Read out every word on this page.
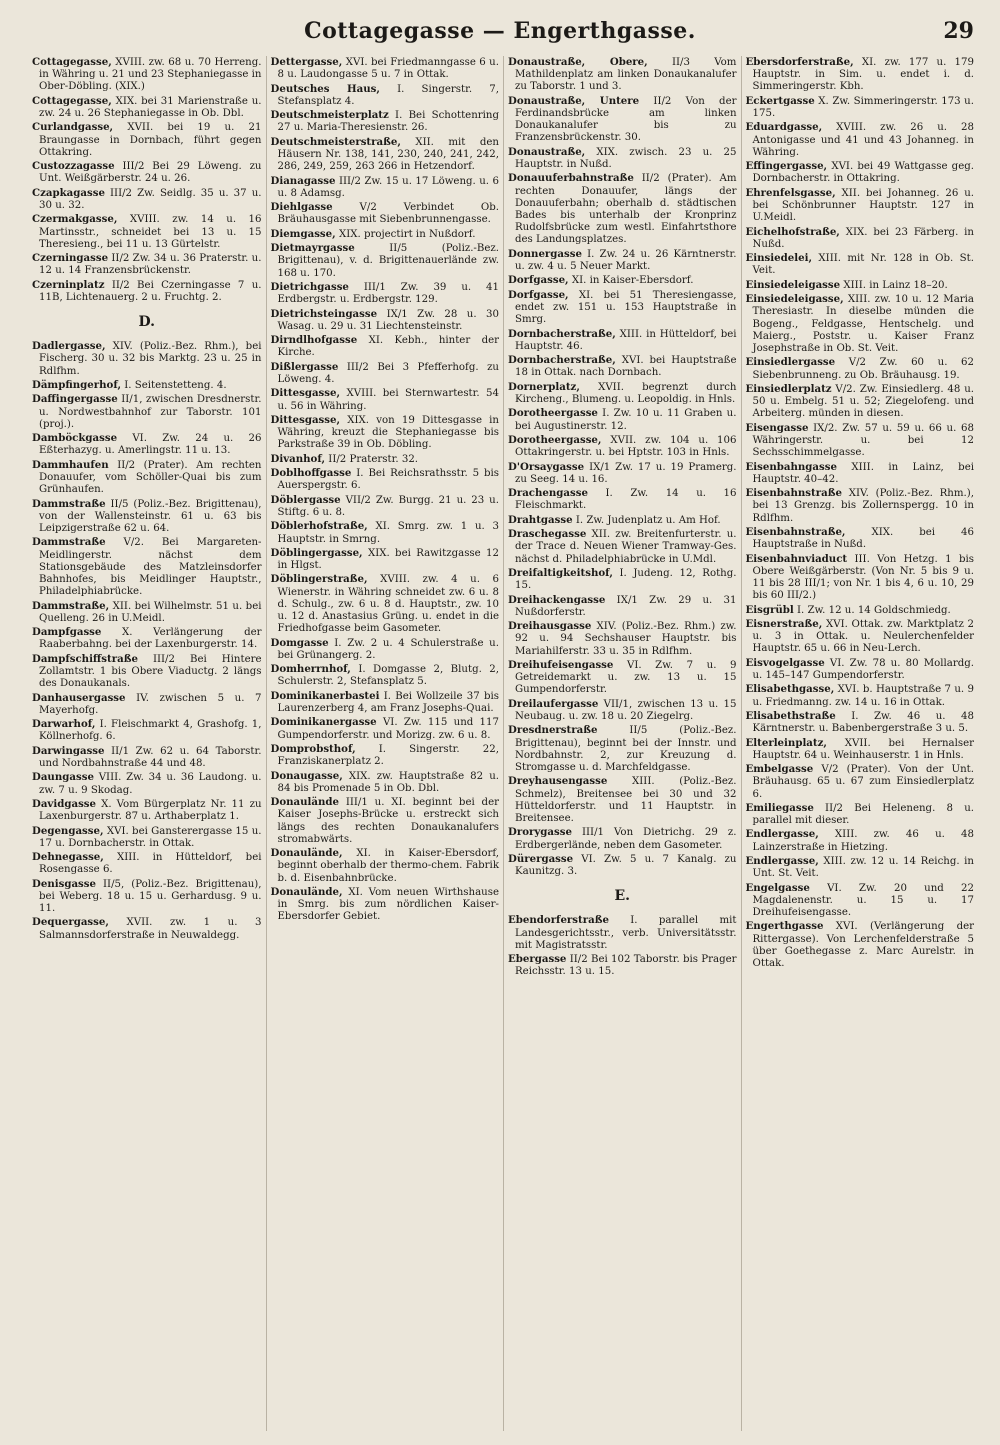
Cottagegasse — Engerthgasse.	29
Cottagegasse, XVIII. zw. 68 u. 70 Herreng. in Währing u. 21 und 23 Stephaniegasse in Ober-Döbling. (XIX.)
Cottagegasse, XIX. bei 31 Marienstraße u. zw. 24 u. 26 Stephaniegasse in Ob. Dbl.
Curlandgasse, XVII. bei 19 u. 21 Braungasse in Dornbach, führt gegen Ottakring.
Custozzagasse III/2 Bei 29 Löweng. zu Unt. Weißgärberstr. 24 u. 26.
Czapkagasse III/2 Zw. Seidlg. 35 u. 37 u. 30 u. 32.
Czermakgasse, XVIII. zw. 14 u. 16 Martinsstr., schneidet bei 13 u. 15 Theresieng., bei 11 u. 13 Gürtelstr.
Czerningasse II/2 Zw. 34 u. 36 Praterstr. u. 12 u. 14 Franzensbrückenstr.
Czerninplatz II/2 Bei Czerningasse 7 u. 11B, Lichtenauerg. 2 u. Fruchtg. 2.
D.
Dadlergasse, XIV. (Poliz.-Bez. Rhm.), bei Fischerg. 30 u. 32 bis Marktg. 23 u. 25 in Rdlfhm.
Dämpfingerhof, I. Seitenstetteng. 4.
Daffingergasse II/1, zwischen Dresdnerstr. u. Nordwestbahnhof zur Taborstr. 101 (proj.).
Damböckgasse VI. Zw. 24 u. 26 Eßterhazyg. u. Amerlingstr. 11 u. 13.
Dammhaufen II/2 (Prater). Am rechten Donauufer, vom Schöller-Quai bis zum Grünhaufen.
Dammstraße II/5 (Poliz.-Bez. Brigittenau), von der Wallensteinstr. 61 u. 63 bis Leipzigerstraße 62 u. 64.
Dammstraße V/2. Bei Margareten-Meidlingerstr. nächst dem Stationsgebäude des Matzleinsdorfer Bahnhofes, bis Meidlinger Hauptstr., Philadelphiabrücke.
Dammstraße, XII. bei Wilhelmstr. 51 u. bei Quelleng. 26 in U.Meidl.
Dampfgasse X. Verlängerung der Raaberbahng. bei der Laxenburgerstr. 14.
Dampfschiffstraße III/2 Bei Hintere Zollamtstr. 1 bis Obere Viaductg. 2 längs des Donaukanals.
Danhausergasse IV. zwischen 5 u. 7 Mayerhofg.
Darwarhof, I. Fleischmarkt 4, Grashofg. 1, Köllnerhofg. 6.
Darwingasse II/1 Zw. 62 u. 64 Taborstr. und Nordbahnstraße 44 und 48.
Daungasse VIII. Zw. 34 u. 36 Laudong. u. zw. 7 u. 9 Skodag.
Davidgasse X. Vom Bürgerplatz Nr. 11 zu Laxenburgerstr. 87 u. Arthaberplatz 1.
Degengasse, XVI. bei Gansterergasse 15 u. 17 u. Dornbacherstr. in Ottak.
Dehnegasse, XIII. in Hütteldorf, bei Rosengasse 6.
Denisgasse II/5, (Poliz.-Bez. Brigittenau), bei Weberg. 18 u. 15 u. Gerhardusg. 9 u. 11.
Dequergasse, XVII. zw. 1 u. 3 Salmannsdorferstraße in Neuwaldegg.
Dettergasse, XVI. bei Friedmanngasse 6 u. 8 u. Laudongasse 5 u. 7 in Ottak.
Deutsches Haus, I. Singerstr. 7, Stefansplatz 4.
Deutschmeisterplatz I. Bei Schottenring 27 u. Maria-Theresienstr. 26.
Deutschmeisterstraße, XII. mit den Häusern Nr. 138, 141, 230, 240, 241, 242, 286, 249, 259, 263 266 in Hetzendorf.
Dianagasse III/2 Zw. 15 u. 17 Löweng. u. 6 u. 8 Adamsg.
Diehlgasse	V/2 Verbindet Ob. Bräuhausgasse mit Siebenbrunnengasse.
Diemgasse, XIX. projectirt in Nußdorf.
Dietmayrgasse	II/5 (Poliz.-Bez. Brigittenau), v. d. Brigittenauerlände zw. 168 u. 170.
Dietrichgasse III/1 Zw. 39 u. 41 Erdbergstr. u. Erdbergstr. 129.
Dietrichsteingasse IX/1 Zw. 28 u. 30 Wasag. u. 29 u. 31 Liechtensteinstr.
Dirndlhofgasse XI. Kebh., hinter der Kirche.
Dißlergasse III/2 Bei 3 Pfefferhofg. zu Löweng. 4.
Dittesgasse, XVIII. bei Sternwartestr. 54 u. 56 in Währing.
Dittesgasse, XIX. von 19 Dittesgasse in Währing, kreuzt die Stephaniegasse bis Parkstraße 39 in Ob. Döbling.
Divanhof, II/2 Praterstr. 32.
Doblhoffgasse I. Bei Reichsrathsstr. 5 bis Auerspergstr. 6.
Döblergasse VII/2 Zw. Burgg. 21 u. 23 u. Stiftg. 6 u. 8.
Döblerhofstraße, XI. Smrg. zw. 1 u. 3 Hauptstr. in Smrng.
Döblingergasse, XIX. bei Rawitzgasse 12 in Hlgst.
Döblingerstraße, XVIII. zw. 4 u. 6 Wienerstr. in Währing schneidet zw. 6 u. 8 d. Schulg., zw. 6 u. 8 d. Hauptstr., zw. 10 u. 12 d. Anastasius Grüng. u. endet in die Friedhofgasse beim Gasometer.
Domgasse I. Zw. 2 u. 4 Schulerstraße u. bei Grünangerg. 2.
Domherrnhof, I. Domgasse 2, Blutg. 2, Schulerstr. 2, Stefansplatz 5.
Dominikanerbastei I. Bei Wollzeile 37 bis Laurenzerberg 4, am Franz Josephs-Quai.
Dominikanergasse VI. Zw. 115 und 117 Gumpendorferstr. und Morizg. zw. 6 u. 8.
Domprobsthof, I. Singerstr. 22, Franziskanerplatz 2.
Donaugasse, XIX. zw. Hauptstraße 82 u. 84 bis Promenade 5 in Ob. Dbl.
Donaulände III/1 u. XI. beginnt bei der Kaiser Josephs-Brücke u. erstreckt sich längs des rechten Donaukanalufers stromabwärts.
Donaulände, XI. in Kaiser-Ebersdorf, beginnt oberhalb der thermo-chem. Fabrik b. d. Eisenbahnbrücke.
Donaulände, XI. Vom neuen Wirthshause in Smrg. bis zum nördlichen Kaiser-Ebersdorfer Gebiet.
Donaustraße, Obere, II/3 Vom Mathildenplatz am linken Donaukanalufer zu Taborstr. 1 und 3.
Donaustraße, Untere II/2 Von der Ferdinandsbrücke am linken Donaukanalufer bis zu Franzensbrückenstr. 30.
Donaustraße, XIX. zwisch. 23 u. 25 Hauptstr. in Nußd.
Donauuferbahnstraße II/2 (Prater). Am rechten Donauufer, längs der Donauuferbahn; oberhalb d. städtischen Bades bis unterhalb der Kronprinz Rudolfsbrücke zum westl. Einfahrtsthore des Landungsplatzes.
Donnergasse I. Zw. 24 u. 26 Kärntnerstr. u. zw. 4 u. 5 Neuer Markt.
Dorfgasse, XI. in Kaiser-Ebersdorf.
Dorfgasse, XI. bei 51 Theresiengasse, endet zw. 151 u. 153 Hauptstraße in Smrg.
Dornbacherstraße, XIII. in Hütteldorf, bei Hauptstr. 46.
Dornbacherstraße, XVI. bei Hauptstraße 18 in Ottak. nach Dornbach.
Dornerplatz, XVII. begrenzt durch Kircheng., Blumeng. u. Leopoldig. in Hnls.
Dorotheergasse I. Zw. 10 u. 11 Graben u. bei Augustinerstr. 12.
Dorotheergasse, XVII. zw. 104 u. 106 Ottakringerstr. u. bei Hptstr. 103 in Hnls.
D'Orsaygasse IX/1 Zw. 17 u. 19 Pramerg. zu Seeg. 14 u. 16.
Drachengasse I. Zw. 14 u. 16 Fleischmarkt.
Drahtgasse I. Zw. Judenplatz u. Am Hof.
Draschegasse XII. zw. Breitenfurterstr. u. der Trace d. Neuen Wiener Tramway-Ges. nächst d. Philadelphiabrücke in U.Mdl.
Dreifaltigkeitshof, I. Judeng. 12, Rothg. 15.
Dreihackengasse IX/1 Zw. 29 u. 31 Nußdorferstr.
Dreihausgasse XIV. (Poliz.-Bez. Rhm.) zw. 92 u. 94 Sechshauser Hauptstr. bis Mariahilferstr. 33 u. 35 in Rdlfhm.
Dreihufeisengasse VI. Zw. 7 u. 9 Getreidemarkt u. zw. 13 u. 15 Gumpendorferstr.
Dreilaufergasse VII/1, zwischen 13 u. 15 Neubaug. u. zw. 18 u. 20 Ziegelrg.
Dresdnerstraße	II/5 (Poliz.-Bez. Brigittenau), beginnt bei der Innstr. und Nordbahnstr. 2, zur Kreuzung d. Stromgasse u. d. Marchfeldgasse.
Dreyhausengasse XIII. (Poliz.-Bez. Schmelz), Breitensee bei 30 und 32 Hütteldorferstr. und 11 Hauptstr. in Breitensee.
Drorygasse III/1 Von Dietrichg. 29 z. Erdbergerlände, neben dem Gasometer.
Dürergasse VI. Zw. 5 u. 7 Kanalg. zu Kaunitzg. 3.
E.
Ebendorferstraße I. parallel mit Landesgerichtsstr., verb. Universitätsstr. mit Magistratsstr.
Ebergasse II/2 Bei 102 Taborstr. bis Prager Reichsstr. 13 u. 15.
Ebersdorferstraße, XI. zw. 177 u. 179 Hauptstr. in Sim. u. endet i. d. Simmeringerstr. Kbh.
Eckertgasse X. Zw. Simmeringerstr. 173 u. 175.
Eduardgasse, XVIII. zw. 26 u. 28 Antonigasse und 41 und 43 Johanneg. in Währing.
Effingergasse, XVI. bei 49 Wattgasse geg. Dornbacherstr. in Ottakring.
Ehrenfelsgasse, XII. bei Johanneg. 26 u. bei Schönbrunner Hauptstr. 127 in U.Meidl.
Eichelhofstraße, XIX. bei 23 Färberg. in Nußd.
Einsiedelei, XIII. mit Nr. 128 in Ob. St. Veit.
Einsiedeleigasse XIII. in Lainz 18–20.
Einsiedeleigasse, XIII. zw. 10 u. 12 Maria Theresiastr. In dieselbe münden die Bogeng., Feldgasse, Hentschelg. und Maierg., Poststr. u. Kaiser Franz Josephstraße in Ob. St. Veit.
Einsiedlergasse V/2 Zw. 60 u. 62 Siebenbrunneng. zu Ob. Bräuhausg. 19.
Einsiedlerplatz V/2. Zw. Einsiedlerg. 48 u. 50 u. Embelg. 51 u. 52; Ziegelofeng. und Arbeiterg. münden in diesen.
Eisengasse IX/2. Zw. 57 u. 59 u. 66 u. 68 Währingerstr. u. bei 12 Sechsschimmelgasse.
Eisenbahngasse XIII. in Lainz, bei Hauptstr. 40–42.
Eisenbahnstraße XIV. (Poliz.-Bez. Rhm.), bei 13 Grenzg. bis Zollernspergg. 10 in Rdlfhm.
Eisenbahnstraße,	XIX. bei 46 Hauptstraße in Nußd.
Eisenbahnviaduct III. Von Hetzg. 1 bis Obere Weißgärberstr. (Von Nr. 5 bis 9 u. 11 bis 28 III/1; von Nr. 1 bis 4, 6 u. 10, 29 bis 60 III/2.)
Eisgrübl I. Zw. 12 u. 14 Goldschmiedg.
Eisnerstraße, XVI. Ottak. zw. Marktplatz 2 u. 3 in Ottak. u. Neulerchenfelder Hauptstr. 65 u. 66 in Neu-Lerch.
Eisvogelgasse VI. Zw. 78 u. 80 Mollardg. u. 145–147 Gumpendorferstr.
Elisabethgasse, XVI. b. Hauptstraße 7 u. 9 u. Friedmanng. zw. 14 u. 16 in Ottak.
Elisabethstraße I. Zw. 46 u. 48 Kärntnerstr. u. Babenbergerstraße 3 u. 5.
Elterleinplatz, XVII. bei Hernalser Hauptstr. 64 u. Weinhauserstr. 1 in Hnls.
Embelgasse V/2 (Prater). Von der Unt. Bräuhausg. 65 u. 67 zum Einsiedlerplatz 6.
Emiliegasse II/2 Bei Heleneng. 8 u. parallel mit dieser.
Endlergasse, XIII. zw. 46 u. 48 Lainzerstraße in Hietzing.
Endlergasse, XIII. zw. 12 u. 14 Reichg. in Unt. St. Veit.
Engelgasse VI. Zw. 20 und 22 Magdalenenstr. u. 15 u. 17 Dreihufeisengasse.
Engerthgasse XVI. (Verlängerung der Rittergasse). Von Lerchenfelderstraße 5 über Goethegasse z. Marc Aurelstr. in Ottak.
